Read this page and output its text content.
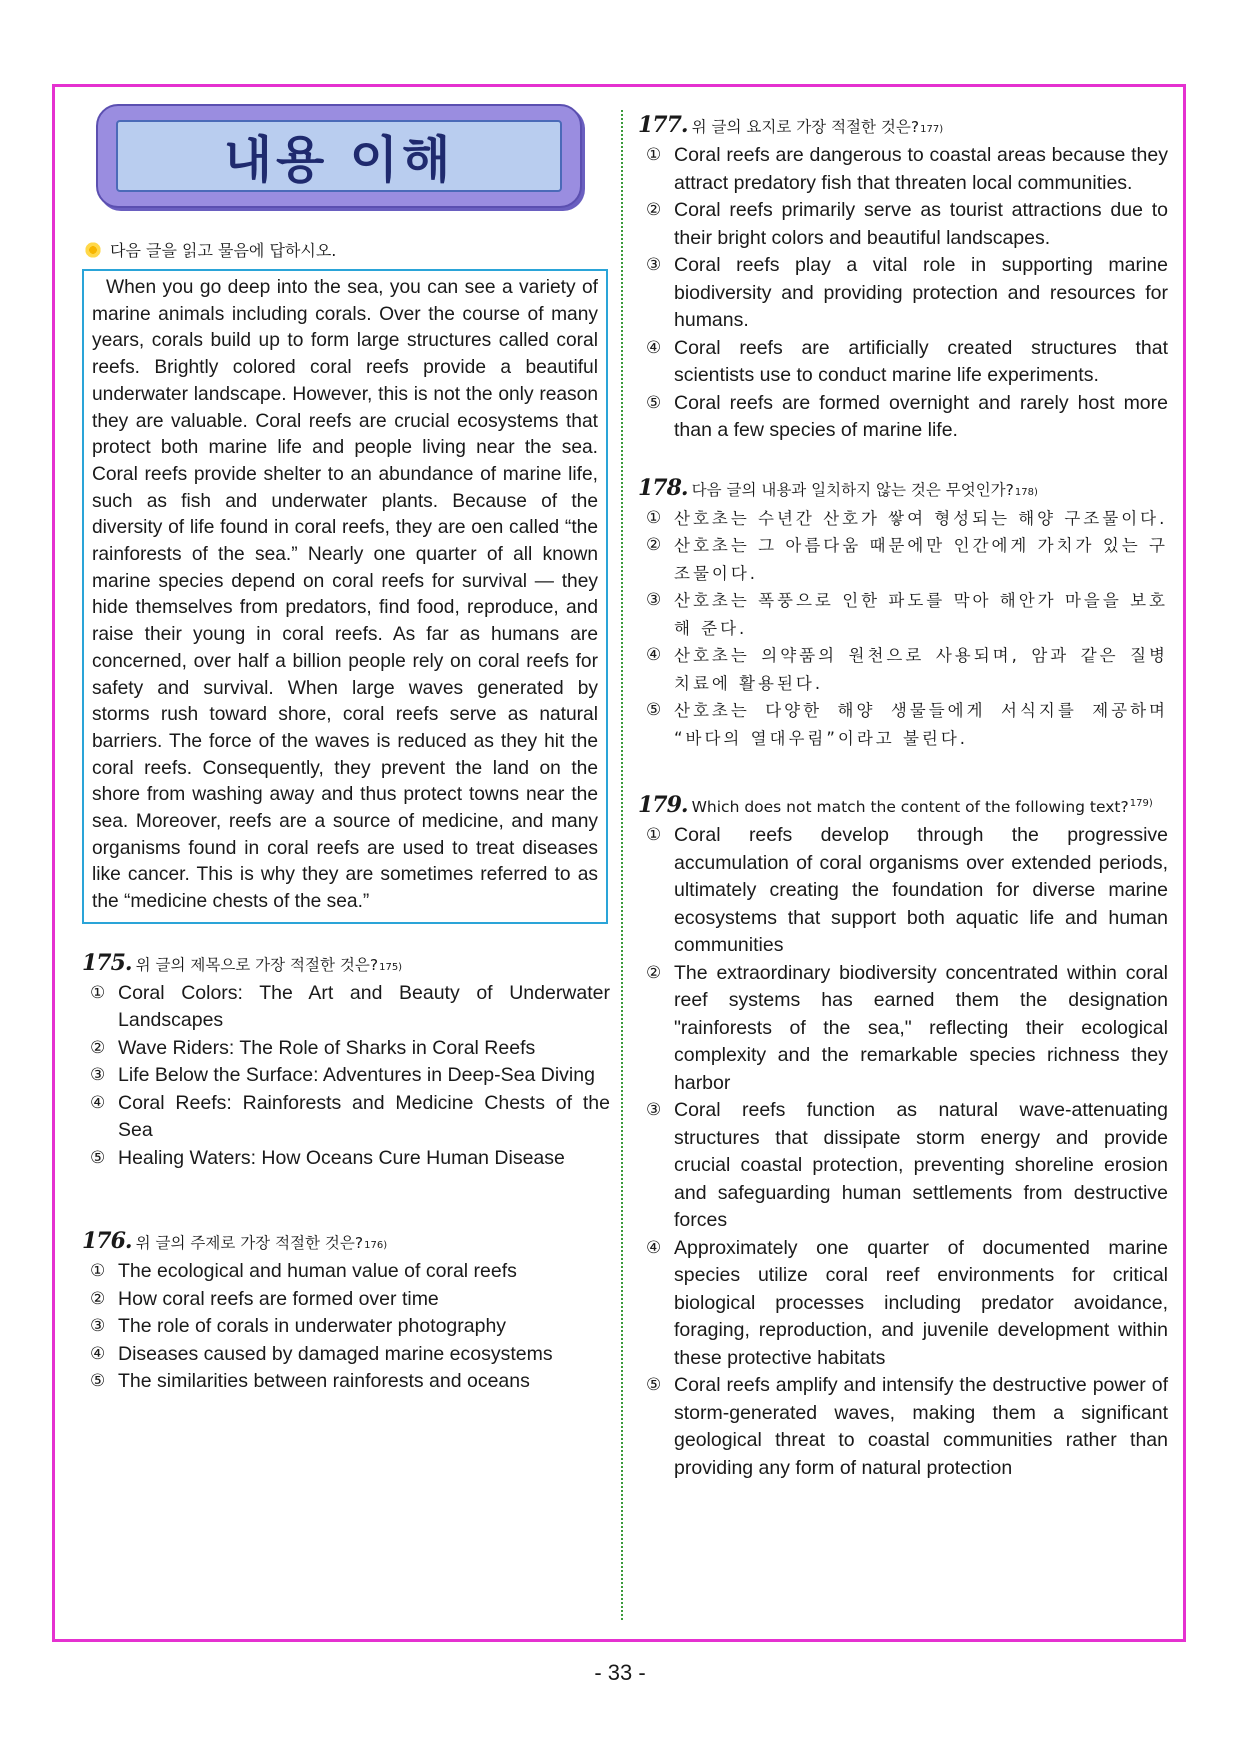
내용 이해
다음 글을 읽고 물음에 답하시오.
When you go deep into the sea, you can see a variety of marine animals including corals. Over the course of many years, corals build up to form large structures called coral reefs. Brightly colored coral reefs provide a beautiful underwater landscape. However, this is not the only reason they are valuable. Coral reefs are crucial ecosystems that protect both marine life and people living near the sea. Coral reefs provide shelter to an abundance of marine life, such as fish and underwater plants. Because of the diversity of life found in coral reefs, they are oen called “the rainforests of the sea.” Nearly one quarter of all known marine species depend on coral reefs for survival — they hide themselves from predators, find food, reproduce, and raise their young in coral reefs. As far as humans are concerned, over half a billion people rely on coral reefs for safety and survival. When large waves generated by storms rush toward shore, coral reefs serve as natural barriers. The force of the waves is reduced as they hit the coral reefs. Consequently, they prevent the land on the shore from washing away and thus protect towns near the sea. Moreover, reefs are a source of medicine, and many organisms found in coral reefs are used to treat diseases like cancer. This is why they are sometimes referred to as the “medicine chests of the sea.”
175. 위 글의 제목으로 가장 적절한 것은? 175)
① Coral Colors: The Art and Beauty of Underwater Landscapes
② Wave Riders: The Role of Sharks in Coral Reefs
③ Life Below the Surface: Adventures in Deep-Sea Diving
④ Coral Reefs: Rainforests and Medicine Chests of the Sea
⑤ Healing Waters: How Oceans Cure Human Disease
176. 위 글의 주제로 가장 적절한 것은? 176)
① The ecological and human value of coral reefs
② How coral reefs are formed over time
③ The role of corals in underwater photography
④ Diseases caused by damaged marine ecosystems
⑤ The similarities between rainforests and oceans
177. 위 글의 요지로 가장 적절한 것은? 177)
① Coral reefs are dangerous to coastal areas because they attract predatory fish that threaten local communities.
② Coral reefs primarily serve as tourist attractions due to their bright colors and beautiful landscapes.
③ Coral reefs play a vital role in supporting marine biodiversity and providing protection and resources for humans.
④ Coral reefs are artificially created structures that scientists use to conduct marine life experiments.
⑤ Coral reefs are formed overnight and rarely host more than a few species of marine life.
178. 다음 글의 내용과 일치하지 않는 것은 무엇인가? 178)
① 산호초는 수년간 산호가 쌓여 형성되는 해양 구조물이다.
② 산호초는 그 아름다움 때문에만 인간에게 가치가 있는 구조물이다.
③ 산호초는 폭풍으로 인한 파도를 막아 해안가 마을을 보호해 준다.
④ 산호초는 의약품의 원천으로 사용되며, 암과 같은 질병 치료에 활용된다.
⑤ 산호초는 다양한 해양 생물들에게 서식지를 제공하며 “바다의 열대우림”이라고 불린다.
179. Which does not match the content of the following text?$^{179)}$
① Coral reefs develop through the progressive accumulation of coral organisms over extended periods, ultimately creating the foundation for diverse marine ecosystems that support both aquatic life and human communities
② The extraordinary biodiversity concentrated within coral reef systems has earned them the designation "rainforests of the sea," reflecting their ecological complexity and the remarkable species richness they harbor
③ Coral reefs function as natural wave-attenuating structures that dissipate storm energy and provide crucial coastal protection, preventing shoreline erosion and safeguarding human settlements from destructive forces
④ Approximately one quarter of documented marine species utilize coral reef environments for critical biological processes including predator avoidance, foraging, reproduction, and juvenile development within these protective habitats
⑤ Coral reefs amplify and intensify the destructive power of storm-generated waves, making them a significant geological threat to coastal communities rather than providing any form of natural protection
- 33 -
